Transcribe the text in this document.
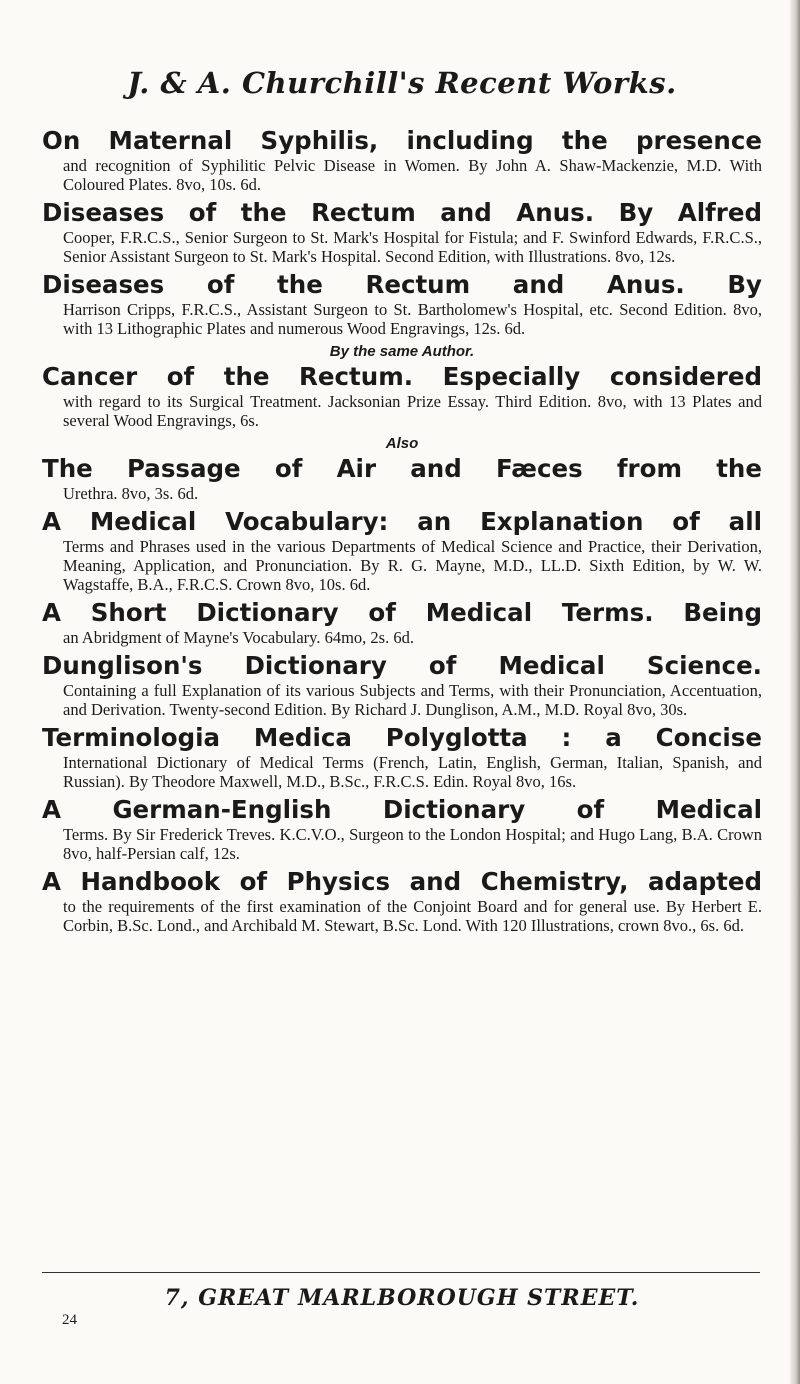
J. & A. Churchill's Recent Works.
On Maternal Syphilis, including the presence
and recognition of Syphilitic Pelvic Disease in Women. By John A. Shaw-Mackenzie, M.D. With Coloured Plates. 8vo, 10s. 6d.
Diseases of the Rectum and Anus. By Alfred
Cooper, F.R.C.S., Senior Surgeon to St. Mark's Hospital for Fistula; and F. Swinford Edwards, F.R.C.S., Senior Assistant Surgeon to St. Mark's Hospital. Second Edition, with Illustrations. 8vo, 12s.
Diseases of the Rectum and Anus. By
Harrison Cripps, F.R.C.S., Assistant Surgeon to St. Bartholomew's Hospital, etc. Second Edition. 8vo, with 13 Lithographic Plates and numerous Wood Engravings, 12s. 6d.
By the same Author.
Cancer of the Rectum. Especially considered
with regard to its Surgical Treatment. Jacksonian Prize Essay. Third Edition. 8vo, with 13 Plates and several Wood Engravings, 6s.
Also
The Passage of Air and Fæces from the
Urethra. 8vo, 3s. 6d.
A Medical Vocabulary: an Explanation of all
Terms and Phrases used in the various Departments of Medical Science and Practice, their Derivation, Meaning, Application, and Pronunciation. By R. G. Mayne, M.D., LL.D. Sixth Edition, by W. W. Wagstaffe, B.A., F.R.C.S. Crown 8vo, 10s. 6d.
A Short Dictionary of Medical Terms. Being
an Abridgment of Mayne's Vocabulary. 64mo, 2s. 6d.
Dunglison's Dictionary of Medical Science.
Containing a full Explanation of its various Subjects and Terms, with their Pronunciation, Accentuation, and Derivation. Twenty-second Edition. By Richard J. Dunglison, A.M., M.D. Royal 8vo, 30s.
Terminologia Medica Polyglotta : a Concise
International Dictionary of Medical Terms (French, Latin, English, German, Italian, Spanish, and Russian). By Theodore Maxwell, M.D., B.Sc., F.R.C.S. Edin. Royal 8vo, 16s.
A German-English Dictionary of Medical
Terms. By Sir Frederick Treves. K.C.V.O., Surgeon to the London Hospital; and Hugo Lang, B.A. Crown 8vo, half-Persian calf, 12s.
A Handbook of Physics and Chemistry, adapted
to the requirements of the first examination of the Conjoint Board and for general use. By Herbert E. Corbin, B.Sc. Lond., and Archibald M. Stewart, B.Sc. Lond. With 120 Illustrations, crown 8vo., 6s. 6d.
7, GREAT MARLBOROUGH STREET.
24
